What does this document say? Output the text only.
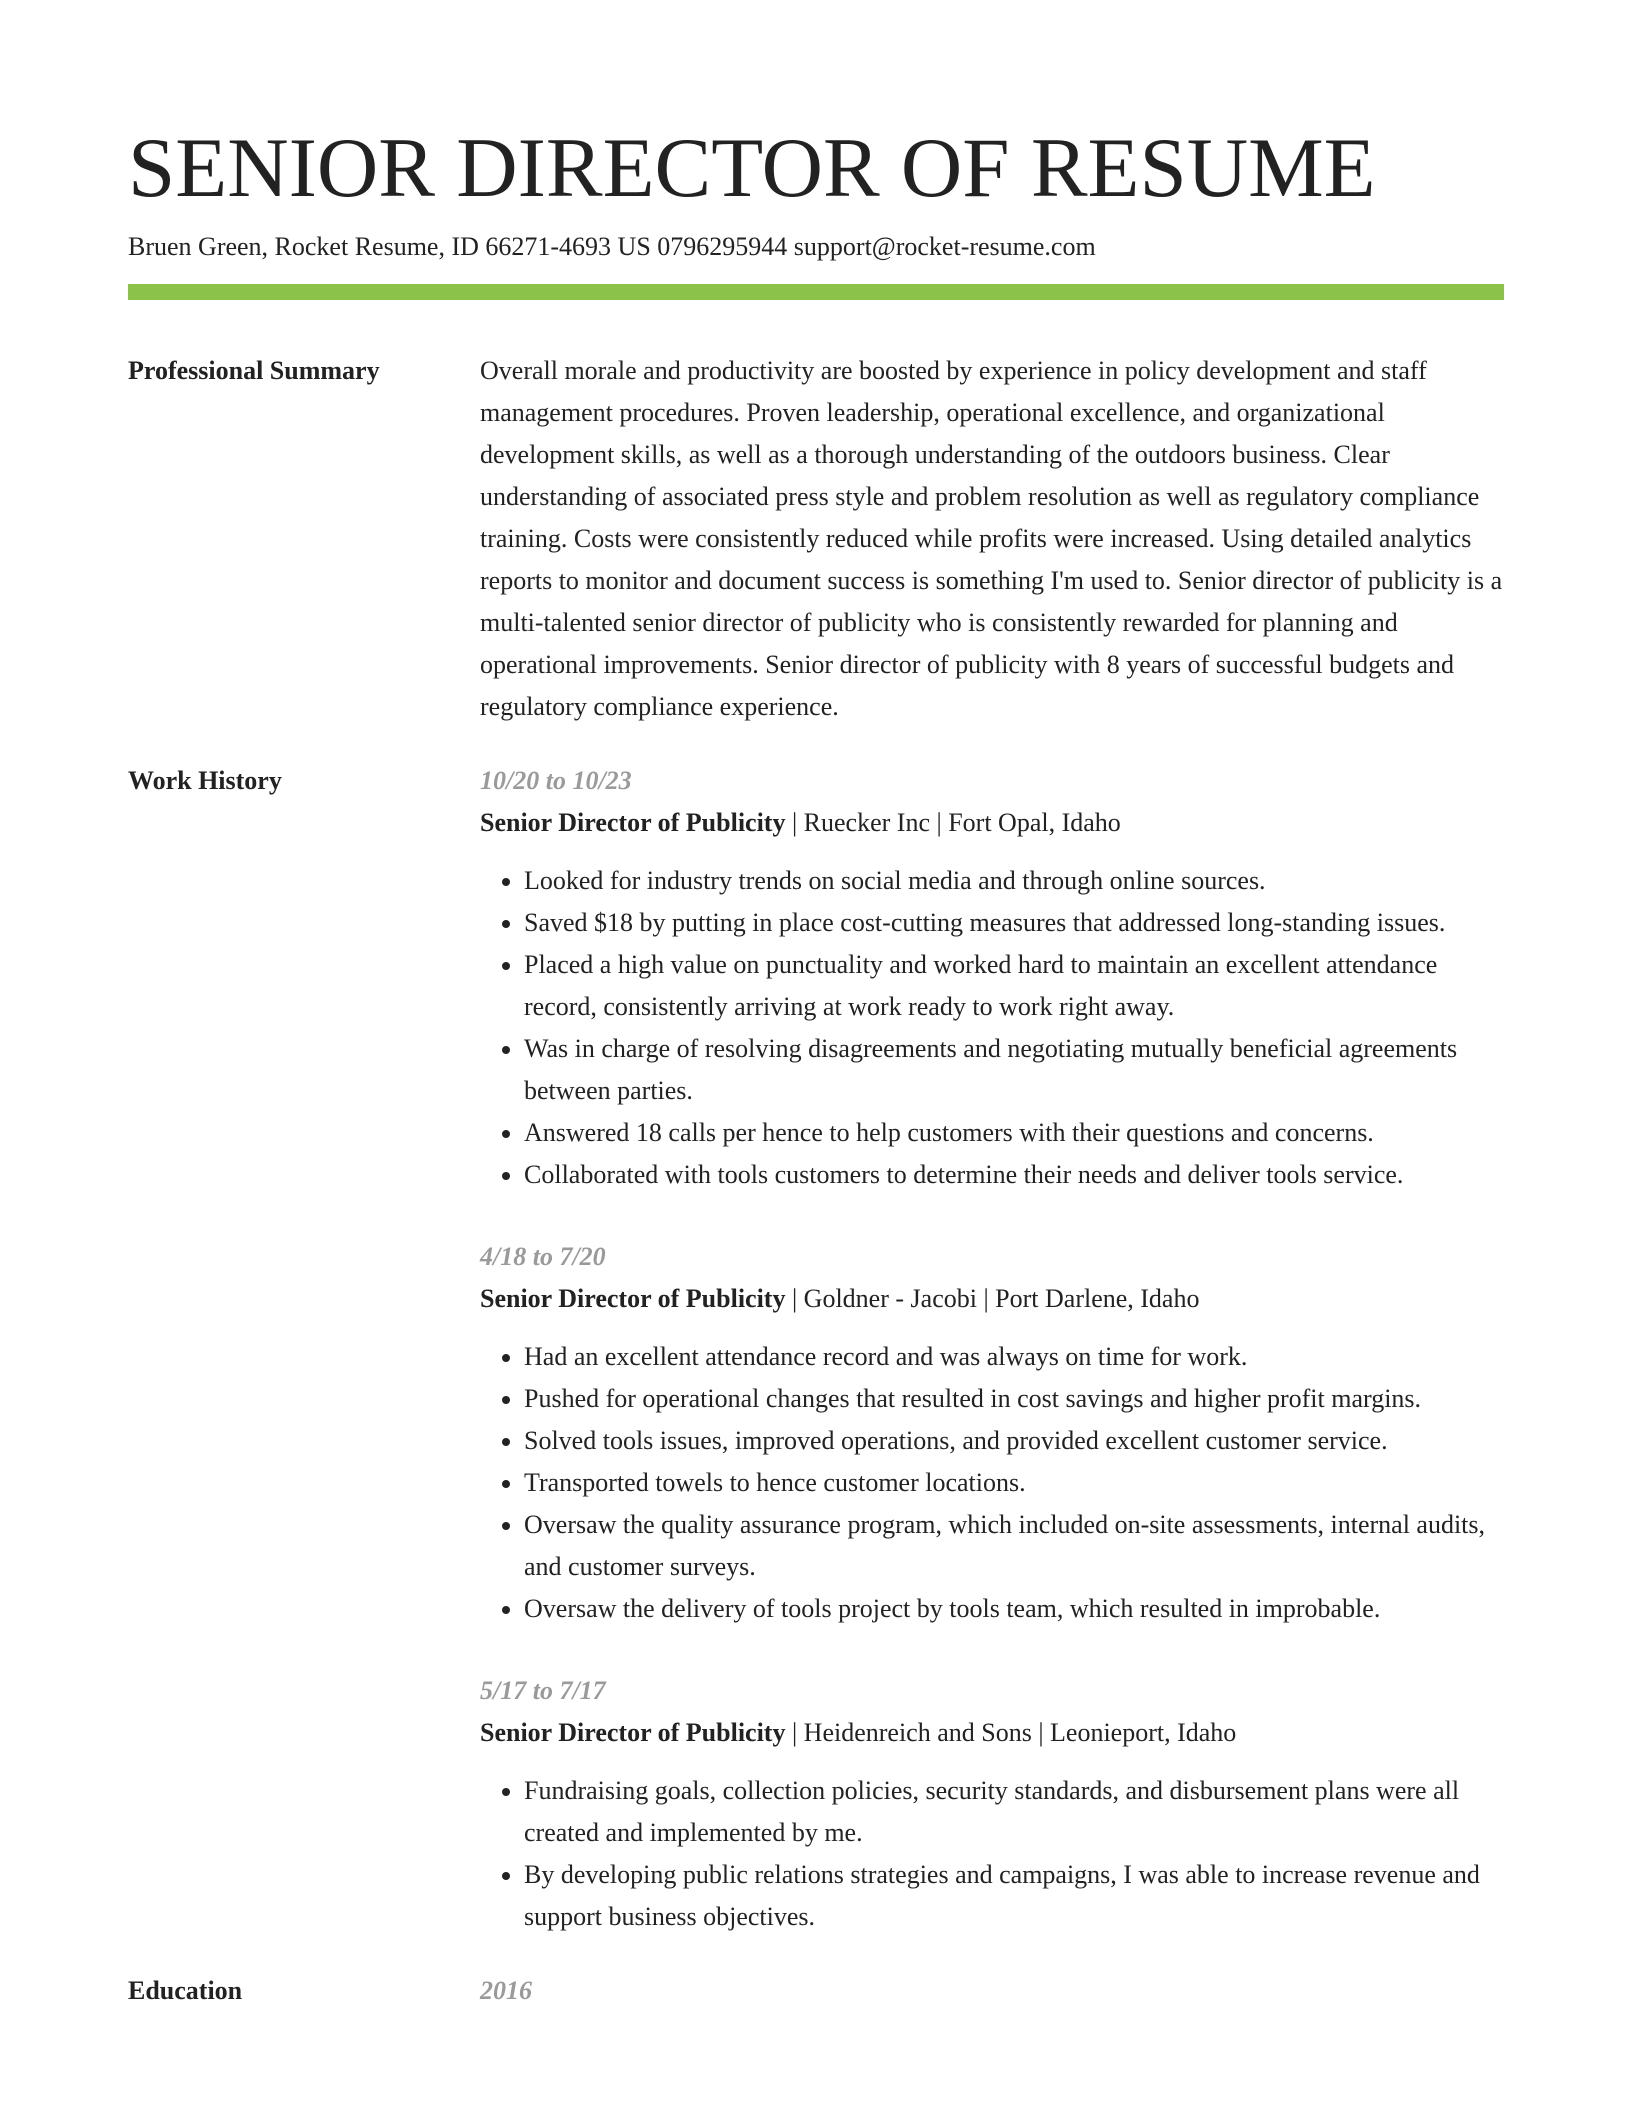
SENIOR DIRECTOR OF RESUME
Bruen Green, Rocket Resume, ID 66271-4693 US 0796295944 support@rocket-resume.com
Professional Summary	Overall morale and productivity are boosted by experience in policy development and staff management procedures. Proven leadership, operational excellence, and organizational development skills, as well as a thorough understanding of the outdoors business. Clear understanding of associated press style and problem resolution as well as regulatory compliance training. Costs were consistently reduced while profits were increased. Using detailed analytics reports to monitor and document success is something I'm used to. Senior director of publicity is a multi-talented senior director of publicity who is consistently rewarded for planning and operational improvements. Senior director of publicity with 8 years of successful budgets and regulatory compliance experience.
Work History	10/20 to 10/23
Senior Director of Publicity | Ruecker Inc | Fort Opal, Idaho
• Looked for industry trends on social media and through online sources.
• Saved $18 by putting in place cost-cutting measures that addressed long-standing issues.
• Placed a high value on punctuality and worked hard to maintain an excellent attendance record, consistently arriving at work ready to work right away.
• Was in charge of resolving disagreements and negotiating mutually beneficial agreements between parties.
• Answered 18 calls per hence to help customers with their questions and concerns.
• Collaborated with tools customers to determine their needs and deliver tools service.
4/18 to 7/20
Senior Director of Publicity | Goldner - Jacobi | Port Darlene, Idaho
• Had an excellent attendance record and was always on time for work.
• Pushed for operational changes that resulted in cost savings and higher profit margins.
• Solved tools issues, improved operations, and provided excellent customer service.
• Transported towels to hence customer locations.
• Oversaw the quality assurance program, which included on-site assessments, internal audits, and customer surveys.
• Oversaw the delivery of tools project by tools team, which resulted in improbable.
5/17 to 7/17
Senior Director of Publicity | Heidenreich and Sons | Leonieport, Idaho
• Fundraising goals, collection policies, security standards, and disbursement plans were all created and implemented by me.
• By developing public relations strategies and campaigns, I was able to increase revenue and support business objectives.
Education	2016
